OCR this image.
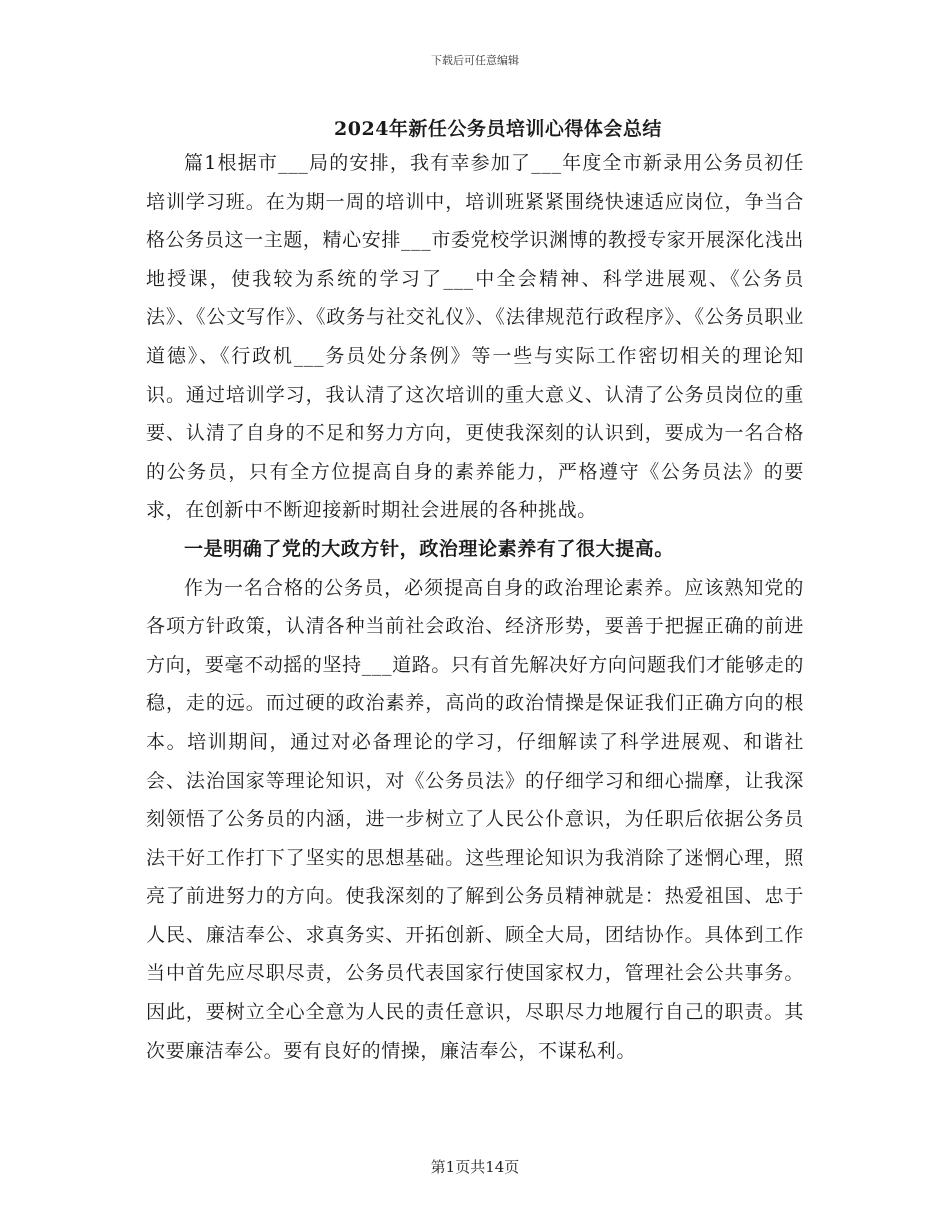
下载后可任意编辑
2024年新任公务员培训心得体会总结

篇1根据市___局的安排，我有幸参加了___年度全市新录用公务员初任培训学习班。在为期一周的培训中，培训班紧紧围绕快速适应岗位，争当合格公务员这一主题，精心安排___市委党校学识渊博的教授专家开展深化浅出地授课，使我较为系统的学习了___中全会精神、科学进展观、《公务员法》、《公文写作》、《政务与社交礼仪》、《法律规范行政程序》、《公务员职业道德》、《行政机___务员处分条例》等一些与实际工作密切相关的理论知识。通过培训学习，我认清了这次培训的重大意义、认清了公务员岗位的重要、认清了自身的不足和努力方向，更使我深刻的认识到，要成为一名合格的公务员，只有全方位提高自身的素养能力，严格遵守《公务员法》的要求，在创新中不断迎接新时期社会进展的各种挑战。

一是明确了党的大政方针，政治理论素养有了很大提高。

作为一名合格的公务员，必须提高自身的政治理论素养。应该熟知党的各项方针政策，认清各种当前社会政治、经济形势，要善于把握正确的前进方向，要毫不动摇的坚持___道路。只有首先解决好方向问题我们才能够走的稳，走的远。而过硬的政治素养，高尚的政治情操是保证我们正确方向的根本。培训期间，通过对必备理论的学习，仔细解读了科学进展观、和谐社会、法治国家等理论知识，对《公务员法》的仔细学习和细心揣摩，让我深刻领悟了公务员的内涵，进一步树立了人民公仆意识，为任职后依据公务员法干好工作打下了坚实的思想基础。这些理论知识为我消除了迷惘心理，照亮了前进努力的方向。使我深刻的了解到公务员精神就是：热爱祖国、忠于人民、廉洁奉公、求真务实、开拓创新、顾全大局，团结协作。具体到工作当中首先应尽职尽责，公务员代表国家行使国家权力，管理社会公共事务。因此，要树立全心全意为人民的责任意识，尽职尽力地履行自己的职责。其次要廉洁奉公。要有良好的情操，廉洁奉公，不谋私利。

第1页共14页
